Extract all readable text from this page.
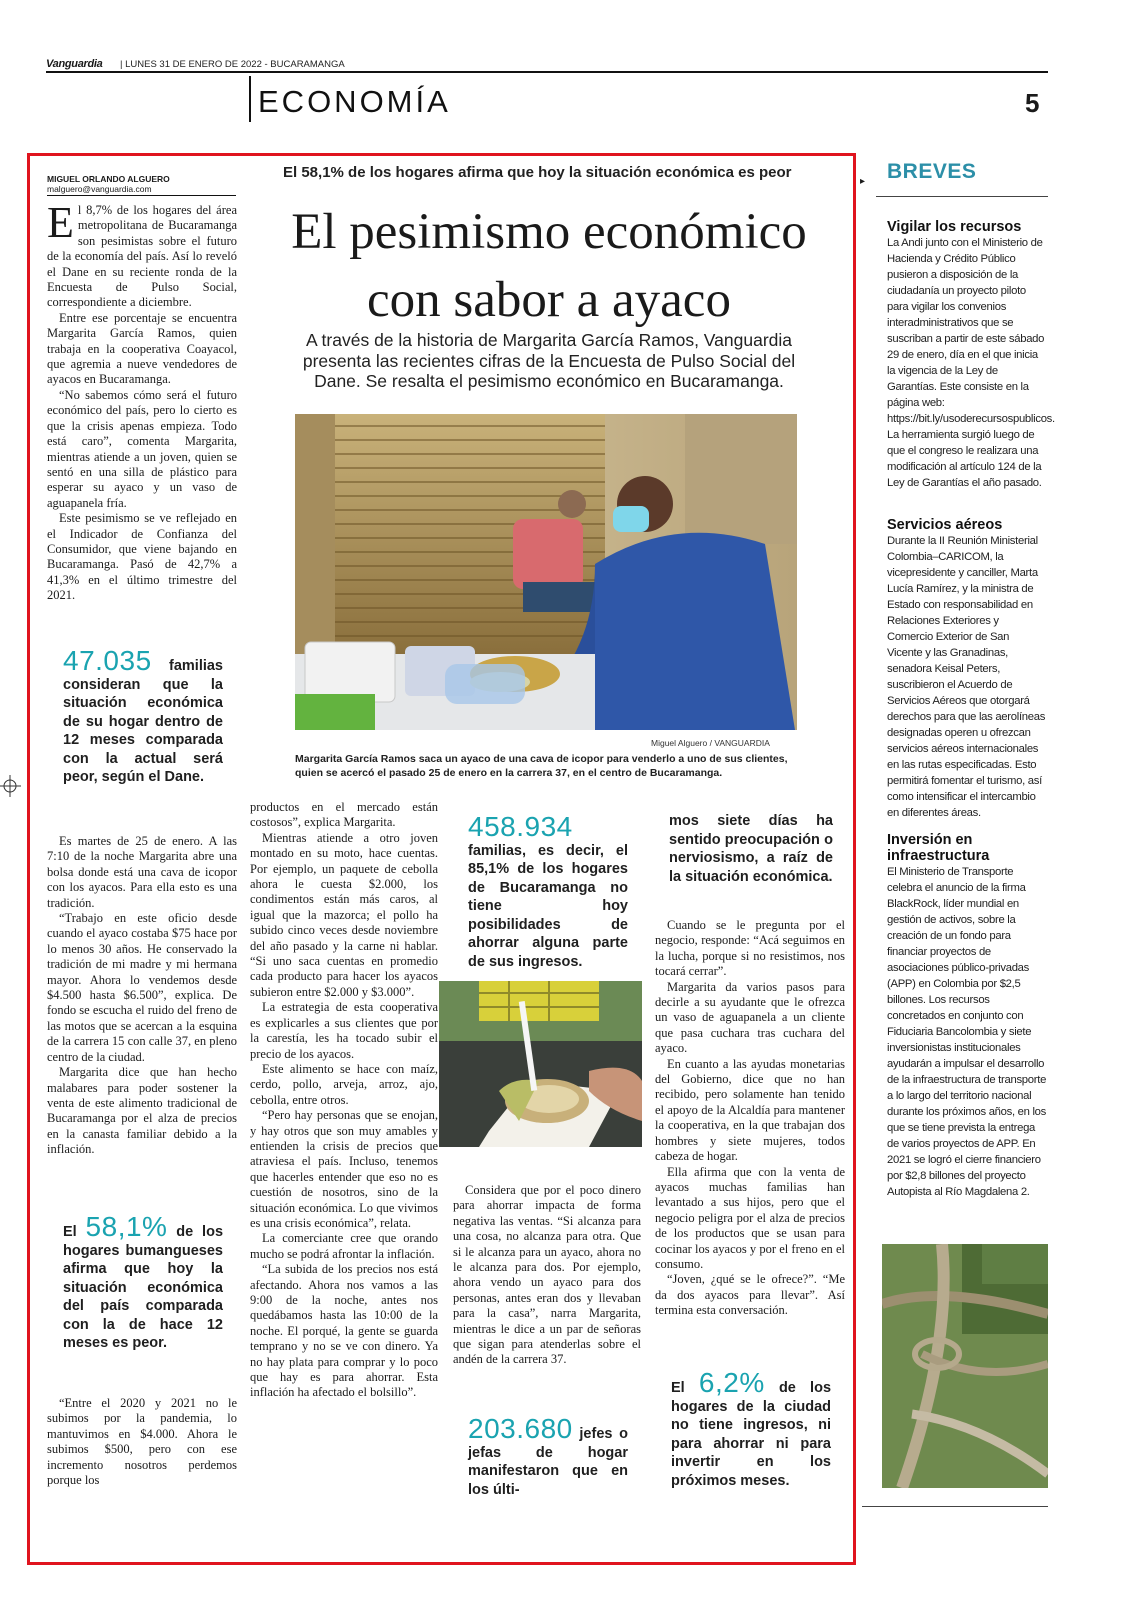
Vanguardia | LUNES 31 DE ENERO DE 2022 - BUCARAMANGA
ECONOMÍA	5
MIGUEL ORLANDO ALGUERO
malguero@vanguardia.com

El 8,7% de los hogares del área metropolitana de Bucaramanga son pesimistas sobre el futuro de la economía del país. Así lo reveló el Dane en su reciente ronda de la Encuesta de Pulso Social, correspondiente a diciembre.

Entre ese porcentaje se encuentra Margarita García Ramos, quien trabaja en la cooperativa Coayacol, que agremia a nueve vendedores de ayacos en Bucaramanga.

“No sabemos cómo será el futuro económico del país, pero lo cierto es que la crisis apenas empieza. Todo está caro”, comenta Margarita, mientras atiende a un joven, quien se sentó en una silla de plástico para esperar su ayaco y un vaso de aguapanela fría.

Este pesimismo se ve reflejado en el Indicador de Confianza del Consumidor, que viene bajando en Bucaramanga. Pasó de 42,7% a 41,3% en el último trimestre del 2021.

47.035 familias consideran que la situación económica de su hogar dentro de 12 meses comparada con la actual será peor, según el Dane.

Es martes de 25 de enero. A las 7:10 de la noche Margarita abre una bolsa donde está una cava de icopor con los ayacos. Para ella esto es una tradición.

“Trabajo en este oficio desde cuando el ayaco costaba $75 hace por lo menos 30 años. He conservado la tradición de mi madre y mi hermana mayor. Ahora lo vendemos desde $4.500 hasta $6.500”, explica. De fondo se escucha el ruido del freno de las motos que se acercan a la esquina de la carrera 15 con calle 37, en pleno centro de la ciudad.

Margarita dice que han hecho malabares para poder sostener la venta de este alimento tradicional de Bucaramanga por el alza de precios en la canasta familiar debido a la inflación.

El 58,1% de los hogares bumangueses afirma que hoy la situación económica del país comparada con la de hace 12 meses es peor.

“Entre el 2020 y 2021 no le subimos por la pandemia, lo mantuvimos en $4.000. Ahora le subimos $500, pero con ese incremento nosotros perdemos porque los

El 58,1% de los hogares afirma que hoy la situación económica es peor
El pesimismo económico
con sabor a ayaco
A través de la historia de Margarita García Ramos, Vanguardia presenta las recientes cifras de la Encuesta de Pulso Social del Dane. Se resalta el pesimismo económico en Bucaramanga.
Miguel Alguero / VANGUARDIA
Margarita García Ramos saca un ayaco de una cava de icopor para venderlo a uno de sus clientes, quien se acercó el pasado 25 de enero en la carrera 37, en el centro de Bucaramanga.

productos en el mercado están costosos”, explica Margarita.

Mientras atiende a otro joven montado en su moto, hace cuentas. Por ejemplo, un paquete de cebolla ahora le cuesta $2.000, los condimentos están más caros, al igual que la mazorca; el pollo ha subido cinco veces desde noviembre del año pasado y la carne ni hablar. “Si uno saca cuentas en promedio cada producto para hacer los ayacos subieron entre $2.000 y $3.000”.

La estrategia de esta cooperativa es explicarles a sus clientes que por la carestía, les ha tocado subir el precio de los ayacos.

Este alimento se hace con maíz, cerdo, pollo, arveja, arroz, ajo, cebolla, entre otros.

“Pero hay personas que se enojan, y hay otros que son muy amables y entienden la crisis de precios que atraviesa el país. Incluso, tenemos que hacerles entender que eso no es cuestión de nosotros, sino de la situación económica. Lo que vivimos es una crisis económica”, relata.

La comerciante cree que orando mucho se podrá afrontar la inflación.

“La subida de los precios nos está afectando. Ahora nos vamos a las 9:00 de la noche, antes nos quedábamos hasta las 10:00 de la noche. El porqué, la gente se guarda temprano y no se ve con dinero. Ya no hay plata para comprar y lo poco que hay es para ahorrar. Esta inflación ha afectado el bolsillo”.

458.934 familias, es decir, el 85,1% de los hogares de Bucaramanga no tiene hoy posibilidades de ahorrar alguna parte de sus ingresos.

Considera que por el poco dinero para ahorrar impacta de forma negativa las ventas. “Si alcanza para una cosa, no alcanza para otra. Que si le alcanza para un ayaco, ahora no le alcanza para dos. Por ejemplo, ahora vendo un ayaco para dos personas, antes eran dos y llevaban para la casa”, narra Margarita, mientras le dice a un par de señoras que sigan para atenderlas sobre el andén de la carrera 37.

203.680 jefes o jefas de hogar manifestaron que en los últi-
mos siete días ha sentido preocupación o nerviosismo, a raíz de la situación económica.

Cuando se le pregunta por el negocio, responde: “Acá seguimos en la lucha, porque si no resistimos, nos tocará cerrar”.

Margarita da varios pasos para decirle a su ayudante que le ofrezca un vaso de aguapanela a un cliente que pasa cuchara tras cuchara del ayaco.

En cuanto a las ayudas monetarias del Gobierno, dice que no han recibido, pero solamente han tenido el apoyo de la Alcaldía para mantener la cooperativa, en la que trabajan dos hombres y siete mujeres, todos cabeza de hogar.

Ella afirma que con la venta de ayacos muchas familias han levantado a sus hijos, pero que el negocio peligra por el alza de precios de los productos que se usan para cocinar los ayacos y por el freno en el consumo.

“Joven, ¿qué se le ofrece?”. “Me da dos ayacos para llevar”. Así termina esta conversación.

El 6,2% de los hogares de la ciudad no tiene ingresos, ni para ahorrar ni para invertir en los próximos meses.
▸ BREVES
Vigilar los recursos
La Andi junto con el Ministerio de Hacienda y Crédito Público pusieron a disposición de la ciudadanía un proyecto piloto para vigilar los convenios interadministrativos que se suscriban a partir de este sábado 29 de enero, día en el que inicia la vigencia de la Ley de Garantías. Este consiste en la página web: https://bit.ly/usoderecursospublicos. La herramienta surgió luego de que el congreso le realizara una modificación al artículo 124 de la Ley de Garantías el año pasado.
Servicios aéreos
Durante la II Reunión Ministerial Colombia–CARICOM, la vicepresidente y canciller, Marta Lucía Ramírez, y la ministra de Estado con responsabilidad en Relaciones Exteriores y Comercio Exterior de San Vicente y las Granadinas, senadora Keisal Peters, suscribieron el Acuerdo de Servicios Aéreos que otorgará derechos para que las aerolíneas designadas operen u ofrezcan servicios aéreos internacionales en las rutas especificadas. Esto permitirá fomentar el turismo, así como intensificar el intercambio en diferentes áreas.
Inversión en infraestructura
El Ministerio de Transporte celebra el anuncio de la firma BlackRock, líder mundial en gestión de activos, sobre la creación de un fondo para financiar proyectos de asociaciones público-privadas (APP) en Colombia por $2,5 billones. Los recursos concretados en conjunto con Fiduciaria Bancolombia y siete inversionistas institucionales ayudarán a impulsar el desarrollo de la infraestructura de transporte a lo largo del territorio nacional durante los próximos años, en los que se tiene prevista la entrega de varios proyectos de APP. En 2021 se logró el cierre financiero por $2,8 billones del proyecto Autopista al Río Magdalena 2.
